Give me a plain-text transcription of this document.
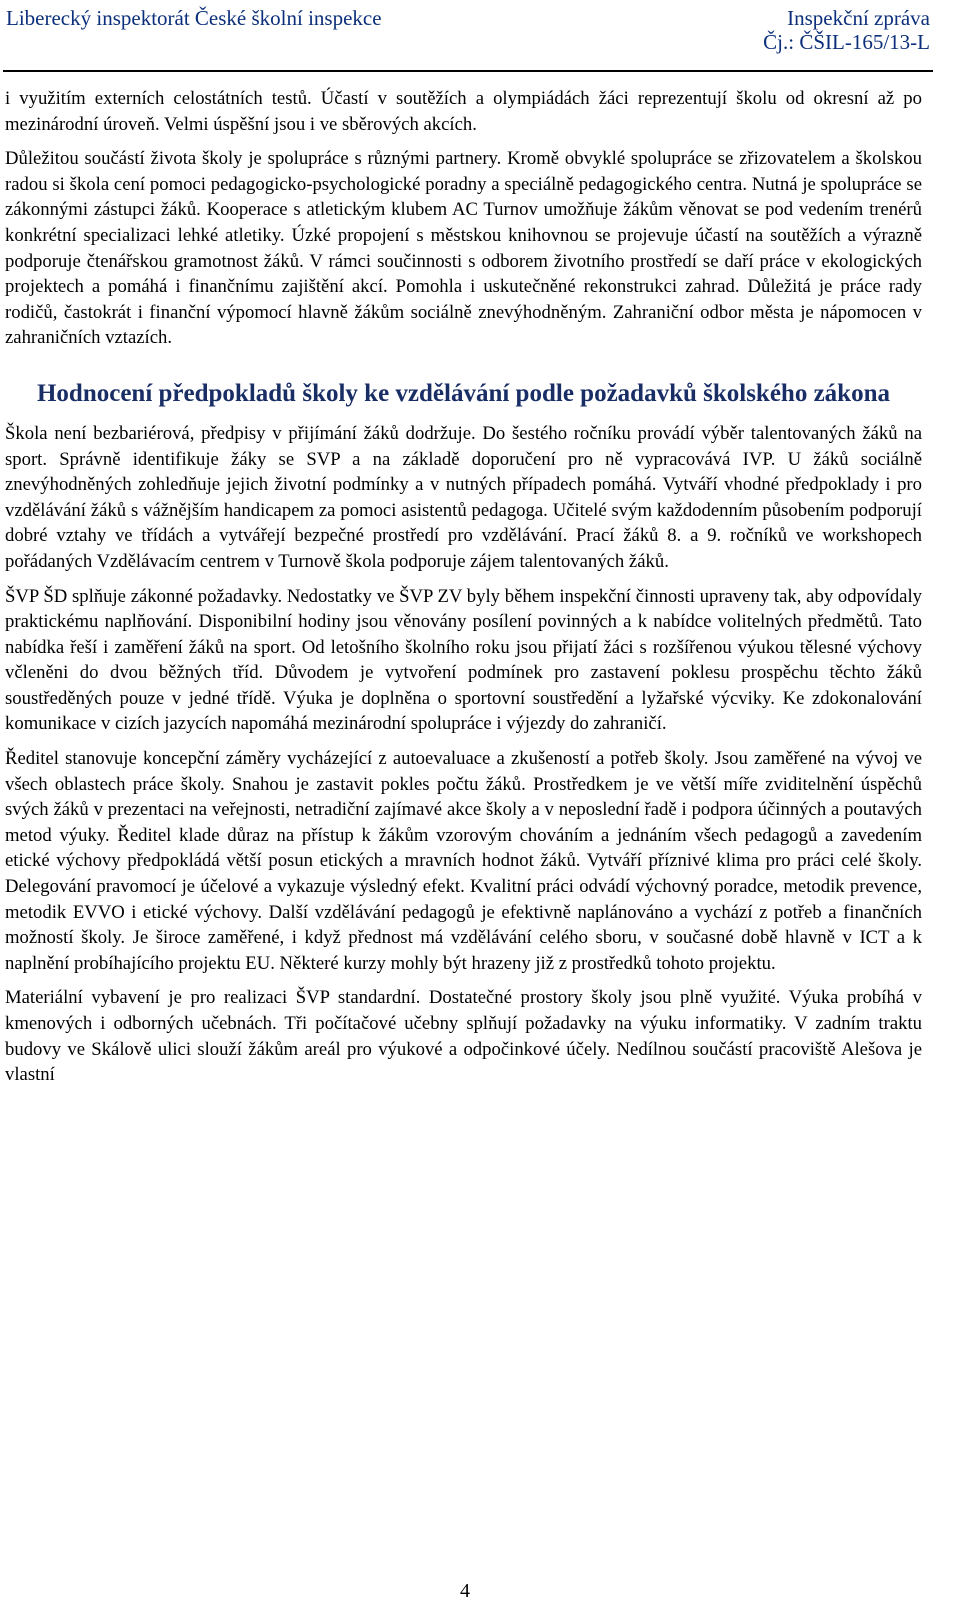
Liberecký inspektorát České školní inspekce	Inspekční zpráva
Čj.: ČŠIL-165/13-L

i využitím externích celostátních testů. Účastí v soutěžích a olympiádách žáci reprezentují školu od okresní až po mezinárodní úroveň. Velmi úspěšní jsou i ve sběrových akcích.

Důležitou součástí života školy je spolupráce s různými partnery. Kromě obvyklé spolupráce se zřizovatelem a školskou radou si škola cení pomoci pedagogicko-psychologické poradny a speciálně pedagogického centra. Nutná je spolupráce se zákonnými zástupci žáků. Kooperace s atletickým klubem AC Turnov umožňuje žákům věnovat se pod vedením trenérů konkrétní specializaci lehké atletiky. Úzké propojení s městskou knihovnou se projevuje účastí na soutěžích a výrazně podporuje čtenářskou gramotnost žáků. V rámci součinnosti s odborem životního prostředí se daří práce v ekologických projektech a pomáhá i finančnímu zajištění akcí. Pomohla i uskutečněné rekonstrukci zahrad. Důležitá je práce rady rodičů, častokrát i finanční výpomocí hlavně žákům sociálně znevýhodněným. Zahraniční odbor města je nápomocen v zahraničních vztazích.

Hodnocení předpokladů školy ke vzdělávání podle požadavků školského zákona

Škola není bezbariérová, předpisy v přijímání žáků dodržuje. Do šestého ročníku provádí výběr talentovaných žáků na sport. Správně identifikuje žáky se SVP a na základě doporučení pro ně vypracovává IVP. U žáků sociálně znevýhodněných zohledňuje jejich životní podmínky a v nutných případech pomáhá. Vytváří vhodné předpoklady i pro vzdělávání žáků s vážnějším handicapem za pomoci asistentů pedagoga. Učitelé svým každodenním působením podporují dobré vztahy ve třídách a vytvářejí bezpečné prostředí pro vzdělávání. Prací žáků 8. a 9. ročníků ve workshopech pořádaných Vzdělávacím centrem v Turnově škola podporuje zájem talentovaných žáků.

ŠVP ŠD splňuje zákonné požadavky. Nedostatky ve ŠVP ZV byly během inspekční činnosti upraveny tak, aby odpovídaly praktickému naplňování. Disponibilní hodiny jsou věnovány posílení povinných a k nabídce volitelných předmětů. Tato nabídka řeší i zaměření žáků na sport. Od letošního školního roku jsou přijatí žáci s rozšířenou výukou tělesné výchovy včleněni do dvou běžných tříd. Důvodem je vytvoření podmínek pro zastavení poklesu prospěchu těchto žáků soustředěných pouze v jedné třídě. Výuka je doplněna o sportovní soustředění a lyžařské výcviky. Ke zdokonalování komunikace v cizích jazycích napomáhá mezinárodní spolupráce i výjezdy do zahraničí.

Ředitel stanovuje koncepční záměry vycházející z autoevaluace a zkušeností a potřeb školy. Jsou zaměřené na vývoj ve všech oblastech práce školy. Snahou je zastavit pokles počtu žáků. Prostředkem je ve větší míře zviditelnění úspěchů svých žáků v prezentaci na veřejnosti, netradiční zajímavé akce školy a v neposlední řadě i podpora účinných a poutavých metod výuky. Ředitel klade důraz na přístup k žákům vzorovým chováním a jednáním všech pedagogů a zavedením etické výchovy předpokládá větší posun etických a mravních hodnot žáků. Vytváří příznivé klima pro práci celé školy. Delegování pravomocí je účelové a vykazuje výsledný efekt. Kvalitní práci odvádí výchovný poradce, metodik prevence, metodik EVVO i etické výchovy. Další vzdělávání pedagogů je efektivně naplánováno a vychází z potřeb a finančních možností školy. Je široce zaměřené, i když přednost má vzdělávání celého sboru, v současné době hlavně v ICT a k naplnění probíhajícího projektu EU. Některé kurzy mohly být hrazeny již z prostředků tohoto projektu.

Materiální vybavení je pro realizaci ŠVP standardní. Dostatečné prostory školy jsou plně využité. Výuka probíhá v kmenových i odborných učebnách. Tři počítačové učebny splňují požadavky na výuku informatiky. V zadním traktu budovy ve Skálově ulici slouží žákům areál pro výukové a odpočinkové účely. Nedílnou součástí pracoviště Alešova je vlastní

4
